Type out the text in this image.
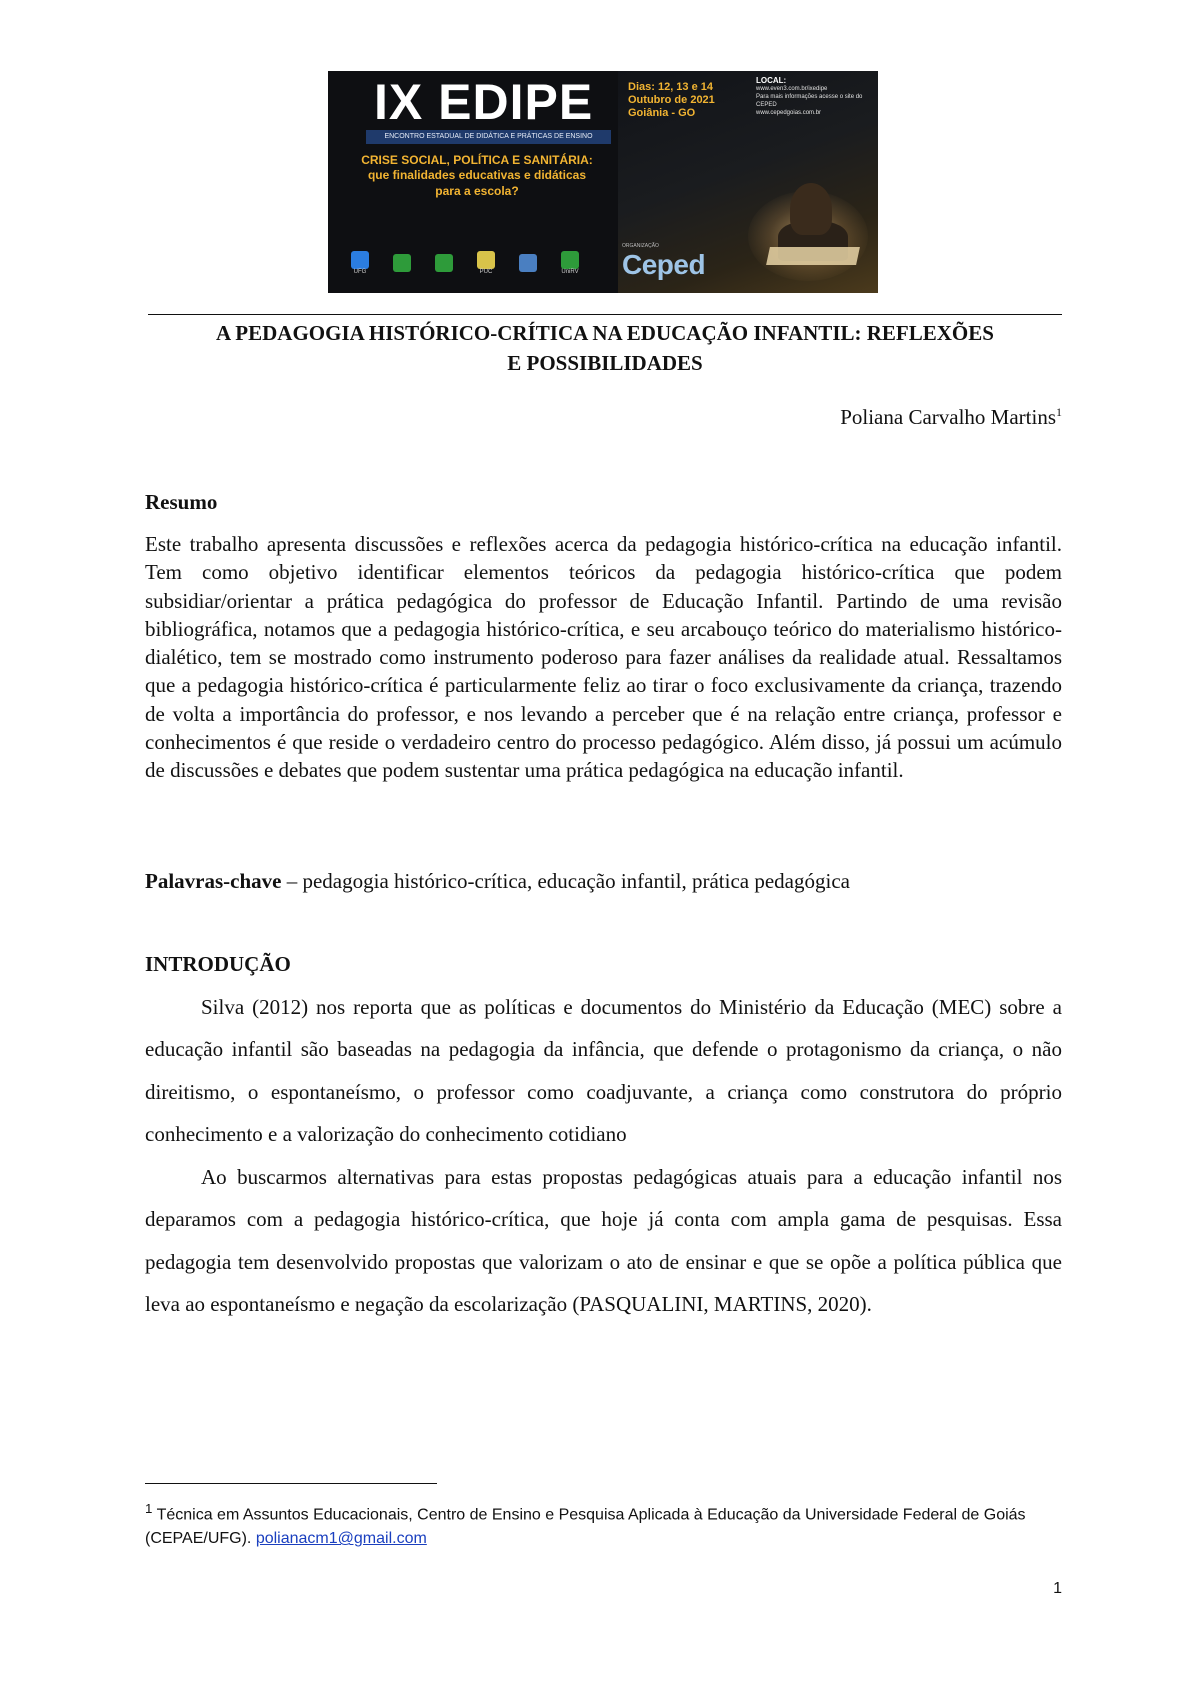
IX EDIPE
ENCONTRO ESTADUAL DE DIDÁTICA E PRÁTICAS DE ENSINO
CRISE SOCIAL, POLÍTICA E SANITÁRIA:
que finalidades educativas e didáticas
para a escola?
UFG	PUC	UniRV
Dias: 12, 13 e 14
Outubro de 2021
Goiânia - GO
LOCAL:
www.even3.com.br/ixedipe
Para mais informações acesse o site do CEPED
www.cepedgoias.com.br
ORGANIZAÇÃO
Ceped
A PEDAGOGIA HISTÓRICO-CRÍTICA NA EDUCAÇÃO INFANTIL: REFLEXÕES
E POSSIBILIDADES
Poliana Carvalho Martins$^1$
Resumo
Este trabalho apresenta discussões e reflexões acerca da pedagogia histórico-crítica na educação infantil. Tem como objetivo identificar elementos teóricos da pedagogia histórico-crítica que podem subsidiar/orientar a prática pedagógica do professor de Educação Infantil. Partindo de uma revisão bibliográfica, notamos que a pedagogia histórico-crítica, e seu arcabouço teórico do materialismo histórico-dialético, tem se mostrado como instrumento poderoso para fazer análises da realidade atual. Ressaltamos que a pedagogia histórico-crítica é particularmente feliz ao tirar o foco exclusivamente da criança, trazendo de volta a importância do professor, e nos levando a perceber que é na relação entre criança, professor e conhecimentos é que reside o verdadeiro centro do processo pedagógico. Além disso, já possui um acúmulo de discussões e debates que podem sustentar uma prática pedagógica na educação infantil.
Palavras-chave – pedagogia histórico-crítica, educação infantil, prática pedagógica
INTRODUÇÃO
Silva (2012) nos reporta que as políticas e documentos do Ministério da Educação (MEC) sobre a educação infantil são baseadas na pedagogia da infância, que defende o protagonismo da criança, o não direitismo, o espontaneísmo, o professor como coadjuvante, a criança como construtora do próprio conhecimento e a valorização do conhecimento cotidiano
Ao buscarmos alternativas para estas propostas pedagógicas atuais para a educação infantil nos deparamos com a pedagogia histórico-crítica, que hoje já conta com ampla gama de pesquisas. Essa pedagogia tem desenvolvido propostas que valorizam o ato de ensinar e que se opõe a política pública que leva ao espontaneísmo e negação da escolarização (PASQUALINI, MARTINS, 2020).
$^1$ Técnica em Assuntos Educacionais, Centro de Ensino e Pesquisa Aplicada à Educação da Universidade Federal de Goiás (CEPAE/UFG). polianacm1@gmail.com
1
